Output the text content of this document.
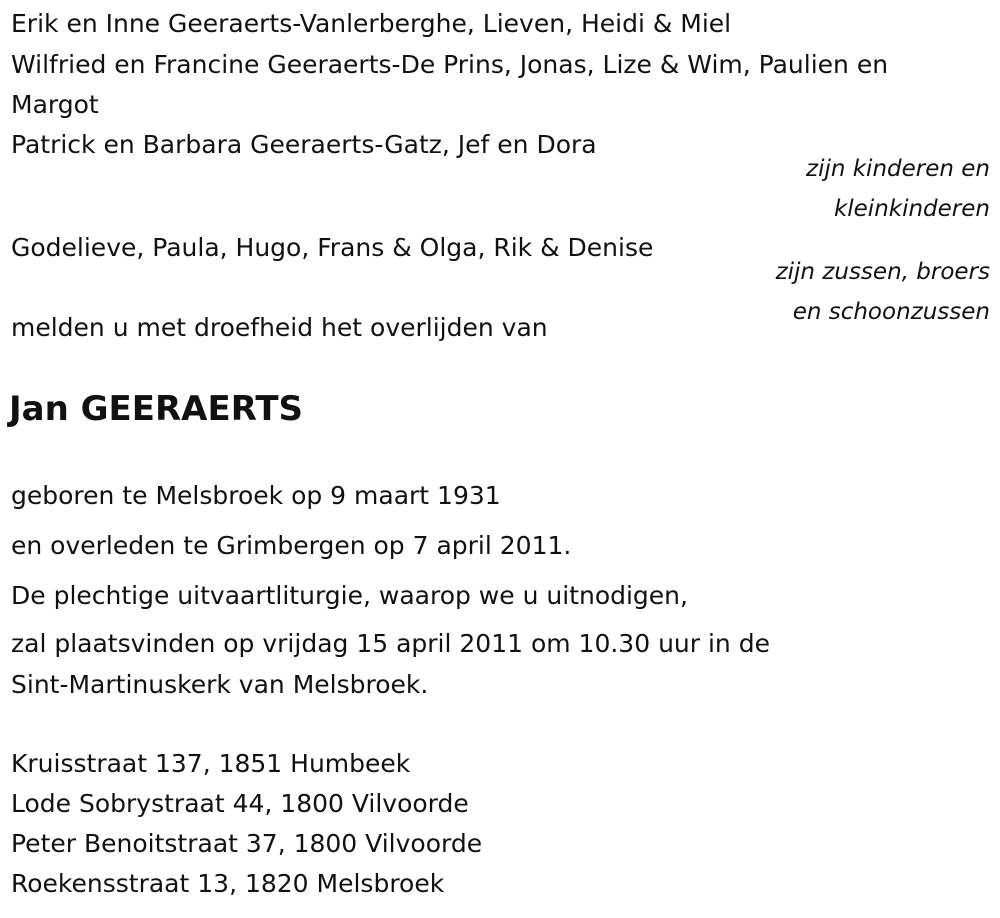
Erik en Inne Geeraerts-Vanlerberghe, Lieven, Heidi & Miel
Wilfried en Francine Geeraerts-De Prins, Jonas, Lize & Wim, Paulien en
Margot
Patrick en Barbara Geeraerts-Gatz, Jef en Dora
zijn kinderen en
kleinkinderen
Godelieve, Paula, Hugo, Frans & Olga, Rik & Denise
zijn zussen, broers
en schoonzussen
melden u met droefheid het overlijden van
Jan GEERAERTS
geboren te Melsbroek op 9 maart 1931
en overleden te Grimbergen op 7 april 2011.
De plechtige uitvaartliturgie, waarop we u uitnodigen,
zal plaatsvinden op vrijdag 15 april 2011 om 10.30 uur in de
Sint-Martinuskerk van Melsbroek.
Kruisstraat 137, 1851 Humbeek
Lode Sobrystraat 44, 1800 Vilvoorde
Peter Benoitstraat 37, 1800 Vilvoorde
Roekensstraat 13, 1820 Melsbroek
